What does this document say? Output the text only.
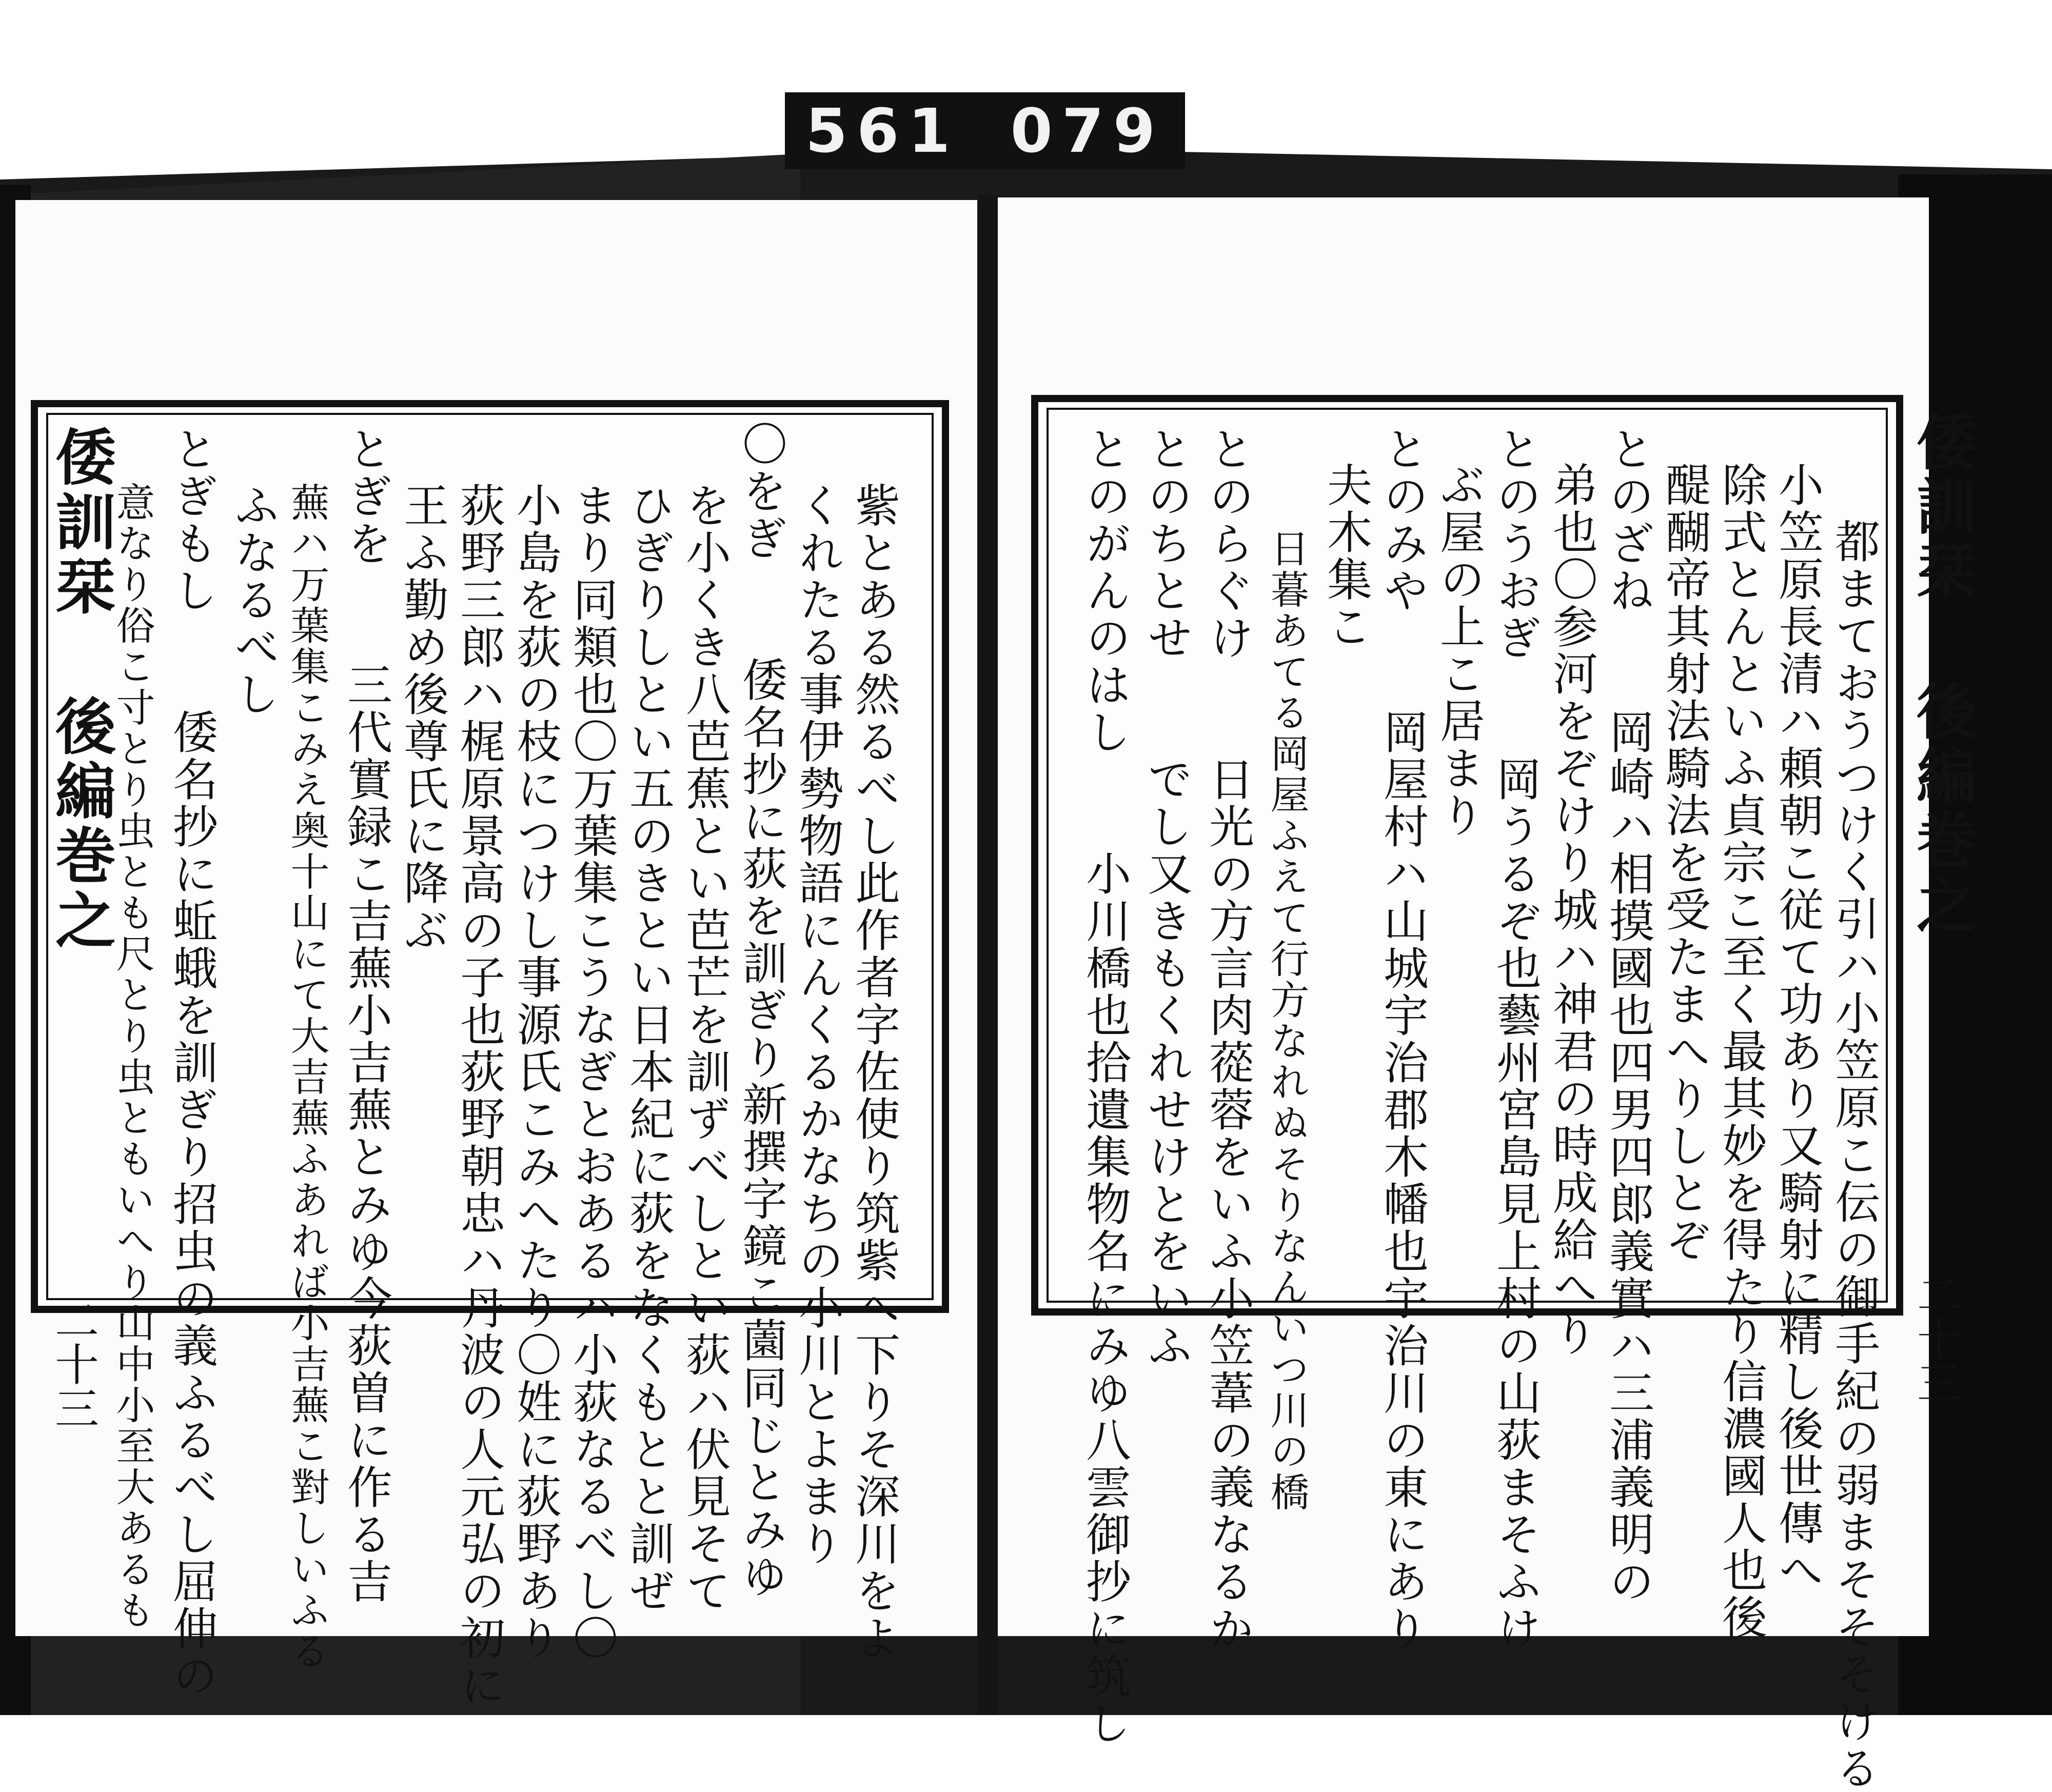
561 079
倭訓栞 後編巻之	倭訓栞 後編巻之
二十三	二十三
都まておうつけく引ハ小笠原こ伝の御手紀の弱まそそそける
小笠原長清ハ頼朝こ従て功あり又騎射に精し後世傳へ
除式とんといふ貞宗こ至く最其妙を得たり信濃國人也後
醍醐帝其射法騎法を受たまへりしとぞ
とのざね　　岡崎ハ相摸國也四男四郎義實ハ三浦義明の
弟也〇参河をぞけり城ハ神君の時成給へり
とのうおぎ　　岡うるぞ也藝州宮島見上村の山荻まそふけ
ぶ屋の上こ居まり
とのみや　　岡屋村ハ山城宇治郡木幡也宇治川の東にあり
夫木集こ
日暮あてる岡屋ふえて行方なれぬそりなんいつ川の橋
とのらぐけ　　日光の方言肉蓯蓉をいふ小笠葦の義なるか
とのちとせ　　でし又きもくれせけとをいふ
とのがんのはし　　小川橋也拾遺集物名にみゆ八雲御抄に筑し
紫とある然るべし此作者字佐使り筑紫へ下りそ深川をよ
くれたる事伊勢物語にんくるかなちの小川とよまり
〇をぎ　　倭名抄に荻を訓ぎり新撰字鏡こ薗同じとみゆ
を小くき八芭蕉とい芭芒を訓ずべしとい荻ハ伏見そて
ひぎりしとい五のきとい日本紀に荻をなくもとと訓ぜ
まり同類也〇万葉集こうなぎとおあるハ小荻なるべし〇
小島を荻の枝につけし事源氏こみへたり〇姓に荻野あり
荻野三郎ハ梶原景高の子也荻野朝忠ハ丹波の人元弘の初に
王ふ勤め後尊氏に降ぶ
とぎを　　三代實録こ吉蕪小吉蕪とみゆ今荻曽に作る吉
蕪ハ万葉集こみえ奥十山にて大吉蕪ふあれば小吉蕪こ對しいふる
ふなるべし
とぎもし　　倭名抄に蚯蛾を訓ぎり招虫の義ふるべし屈伸の
意なり俗こ寸とり虫とも尺とり虫ともいへり山中小至大あるも
